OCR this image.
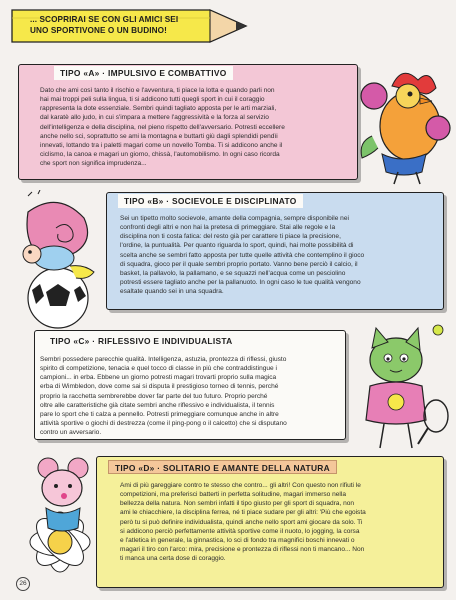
... SCOPRIRAI SE CON GLI AMICI SEI
UNO SPORTIVONE O UN BUDINO!
TIPO «A» · IMPULSIVO E COMBATTIVO
Dato che ami così tanto il rischio e l'avventura, ti piace la lotta e quando parli non
hai mai troppi peli sulla lingua, ti si addicono tutti quegli sport in cui il coraggio
rappresenta la dote essenziale. Sembri quindi tagliato apposta per le arti marziali,
dal karatè allo judo, in cui s'impara a mettere l'aggressività e la forza al servizio
dell'intelligenza e della disciplina, nel pieno rispetto dell'avversario. Potresti eccellere
anche nello sci, soprattutto se ami la montagna e buttarti giù dagli splendidi pendìi
innevati, lottando tra i paletti magari come un novello Tomba. Ti si addicono anche il
ciclismo, la canoa e magari un giorno, chissà, l'automobilismo. In ogni caso ricorda
che sport non significa imprudenza...
TIPO «B» · SOCIEVOLE E DISCIPLINATO
Sei un tipetto molto socievole, amante della compagnia, sempre disponibile nei
confronti degli altri e non hai la pretesa di primeggiare. Stai alle regole e la
disciplina non ti costa fatica: del resto già per carattere ti piace la precisione,
l'ordine, la puntualità. Per quanto riguarda lo sport, quindi, hai molte possibilità di
scelta anche se sembri fatto apposta per tutte quelle attività che contemplino il gioco
di squadra, gioco per il quale sembri proprio portato. Vanno bene perciò il calcio, il
basket, la pallavolo, la pallamano, e se squazzi nell'acqua come un pesciolino
potresti essere tagliato anche per la pallanuoto. In ogni caso le tue qualità vengono
esaltate quando sei in una squadra.
TIPO «C» · RIFLESSIVO E INDIVIDUALISTA
Sembri possedere parecchie qualità. Intelligenza, astuzia, prontezza di riflessi, giusto
spirito di competizione, tenacia e quel tocco di classe in più che contraddistingue i
campioni... in erba. Ebbene un giorno potresti magari trovarti proprio sulla magica
erba di Wimbledon, dove come sai si disputa il prestigioso torneo di tennis, perché
proprio la racchetta sembrerebbe dover far parte del tuo futuro. Proprio perché
oltre alle caratteristiche già citate sembri anche riflessivo e individualista, il tennis
pare lo sport che ti calza a pennello. Potresti primeggiare comunque anche in altre
attività sportive o giochi di destrezza (come il ping-pong o il calcetto) che si disputano
contro un avversario.
TIPO «D» · SOLITARIO E AMANTE DELLA NATURA
Ami di più gareggiare contro te stesso che contro... gli altri! Con questo non rifiuti le
competizioni, ma preferisci batterti in perfetta solitudine, magari immerso nella
bellezza della natura. Non sembri infatti il tipo giusto per gli sport di squadra, non
ami le chiacchiere, la disciplina ferrea, né ti piace sudare per gli altri: 'Più che egoista
però tu si può definire individualista, quindi anche nello sport ami giocare da solo. Ti
si addicono perciò perfettamente attività sportive come il nuoto, lo jogging, la corsa
e l'atletica in generale, la ginnastica, lo sci di fondo tra magnifici boschi innevati o
magari il tiro con l'arco: mira, precisione e prontezza di riflessi non ti mancano... Non
ti manca una certa dose di coraggio.
26
